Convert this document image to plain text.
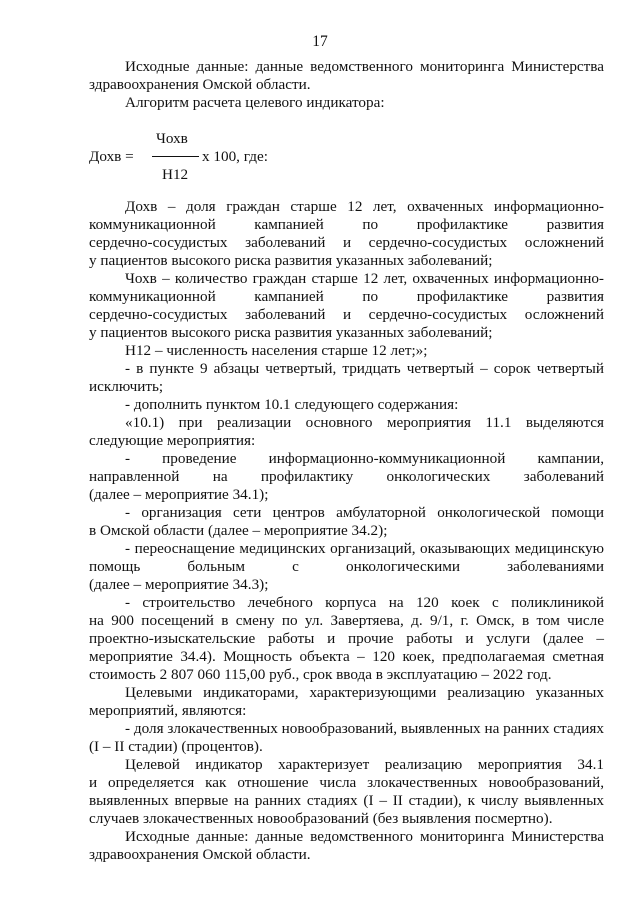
17
Исходные данные: данные ведомственного мониторинга Министерства
здравоохранения Омской области.
Алгоритм расчета целевого индикатора:
Чохв
Дохв =	х 100, где:
Н12
Дохв – доля граждан старше 12 лет, охваченных информационно-
коммуникационной кампанией по профилактике развития
сердечно-сосудистых заболеваний и сердечно-сосудистых осложнений
у пациентов высокого риска развития указанных заболеваний;
Чохв – количество граждан старше 12 лет, охваченных информационно-
коммуникационной кампанией по профилактике развития
сердечно-сосудистых заболеваний и сердечно-сосудистых осложнений
у пациентов высокого риска развития указанных заболеваний;
Н12 – численность населения старше 12 лет;»;
- в пункте 9 абзацы четвертый, тридцать четвертый – сорок четвертый
исключить;
- дополнить пунктом 10.1 следующего содержания:
«10.1) при реализации основного мероприятия 11.1 выделяются
следующие мероприятия:
- проведение информационно-коммуникационной кампании,
направленной на профилактику онкологических заболеваний
(далее – мероприятие 34.1);
- организация сети центров амбулаторной онкологической помощи
в Омской области (далее – мероприятие 34.2);
- переоснащение медицинских организаций, оказывающих медицинскую
помощь больным с онкологическими заболеваниями
(далее – мероприятие 34.3);
- строительство лечебного корпуса на 120 коек с поликлиникой
на 900 посещений в смену по ул. Завертяева, д. 9/1, г. Омск, в том числе
проектно-изыскательские работы и прочие работы и услуги (далее –
мероприятие 34.4). Мощность объекта – 120 коек, предполагаемая сметная
стоимость 2 807 060 115,00 руб., срок ввода в эксплуатацию – 2022 год.
Целевыми индикаторами, характеризующими реализацию указанных
мероприятий, являются:
- доля злокачественных новообразований, выявленных на ранних стадиях
(I – II стадии) (процентов).
Целевой индикатор характеризует реализацию мероприятия 34.1
и определяется как отношение числа злокачественных новообразований,
выявленных впервые на ранних стадиях (I – II стадии), к числу выявленных
случаев злокачественных новообразований (без выявления посмертно).
Исходные данные: данные ведомственного мониторинга Министерства
здравоохранения Омской области.
